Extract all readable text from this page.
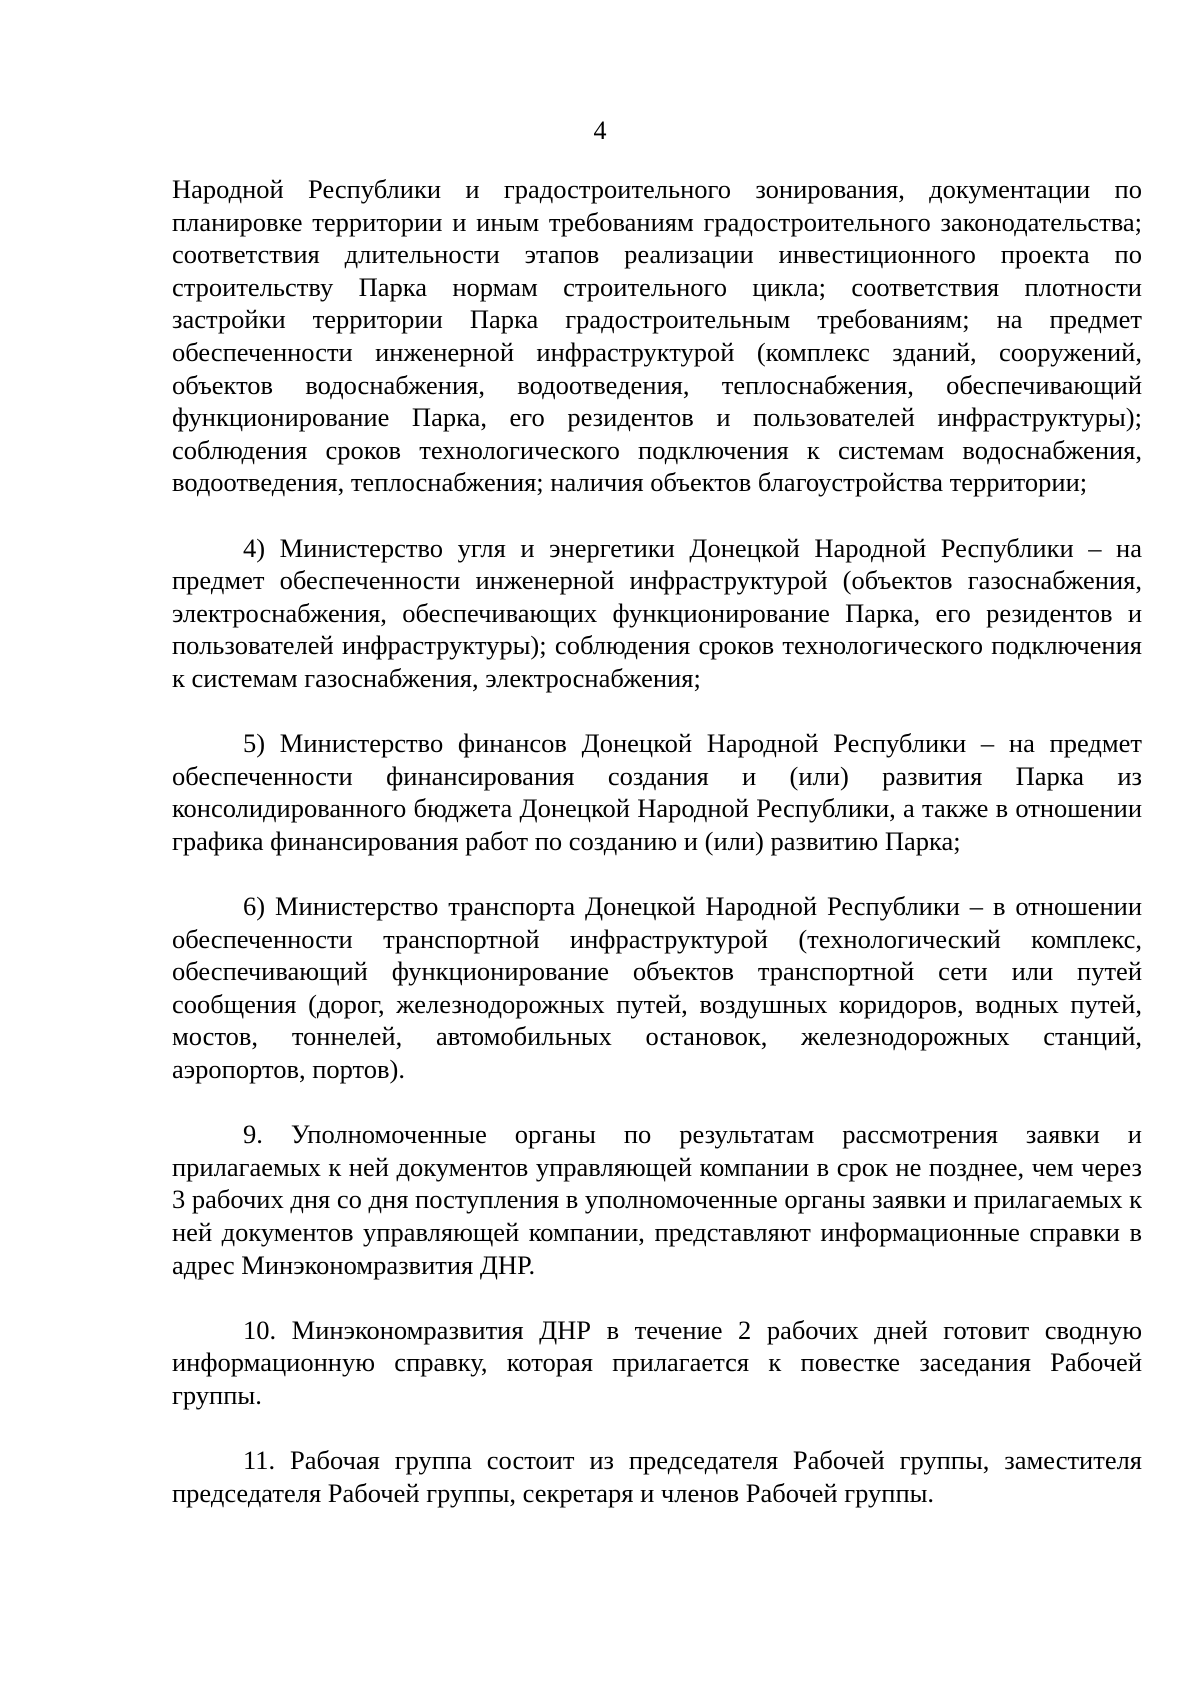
4

Народной Республики и градостроительного зонирования, документации по планировке территории и иным требованиям градостроительного законодательства; соответствия длительности этапов реализации инвестиционного проекта по строительству Парка нормам строительного цикла; соответствия плотности застройки территории Парка градостроительным требованиям; на предмет обеспеченности инженерной инфраструктурой (комплекс зданий, сооружений, объектов водоснабжения, водоотведения, теплоснабжения, обеспечивающий функционирование Парка, его резидентов и пользователей инфраструктуры); соблюдения сроков технологического подключения к системам водоснабжения, водоотведения, теплоснабжения; наличия объектов благоустройства территории;

4) Министерство угля и энергетики Донецкой Народной Республики – на предмет обеспеченности инженерной инфраструктурой (объектов газоснабжения, электроснабжения, обеспечивающих функционирование Парка, его резидентов и пользователей инфраструктуры); соблюдения сроков технологического подключения к системам газоснабжения, электроснабжения;

5) Министерство финансов Донецкой Народной Республики – на предмет обеспеченности финансирования создания и (или) развития Парка из консолидированного бюджета Донецкой Народной Республики, а также в отношении графика финансирования работ по созданию и (или) развитию Парка;

6) Министерство транспорта Донецкой Народной Республики – в отношении обеспеченности транспортной инфраструктурой (технологический комплекс, обеспечивающий функционирование объектов транспортной сети или путей сообщения (дорог, железнодорожных путей, воздушных коридоров, водных путей, мостов, тоннелей, автомобильных остановок, железнодорожных станций, аэропортов, портов).

9. Уполномоченные органы по результатам рассмотрения заявки и прилагаемых к ней документов управляющей компании в срок не позднее, чем через 3 рабочих дня со дня поступления в уполномоченные органы заявки и прилагаемых к ней документов управляющей компании, представляют информационные справки в адрес Минэкономразвития ДНР.

10. Минэкономразвития ДНР в течение 2 рабочих дней готовит сводную информационную справку, которая прилагается к повестке заседания Рабочей группы.

11. Рабочая группа состоит из председателя Рабочей группы, заместителя председателя Рабочей группы, секретаря и членов Рабочей группы.
